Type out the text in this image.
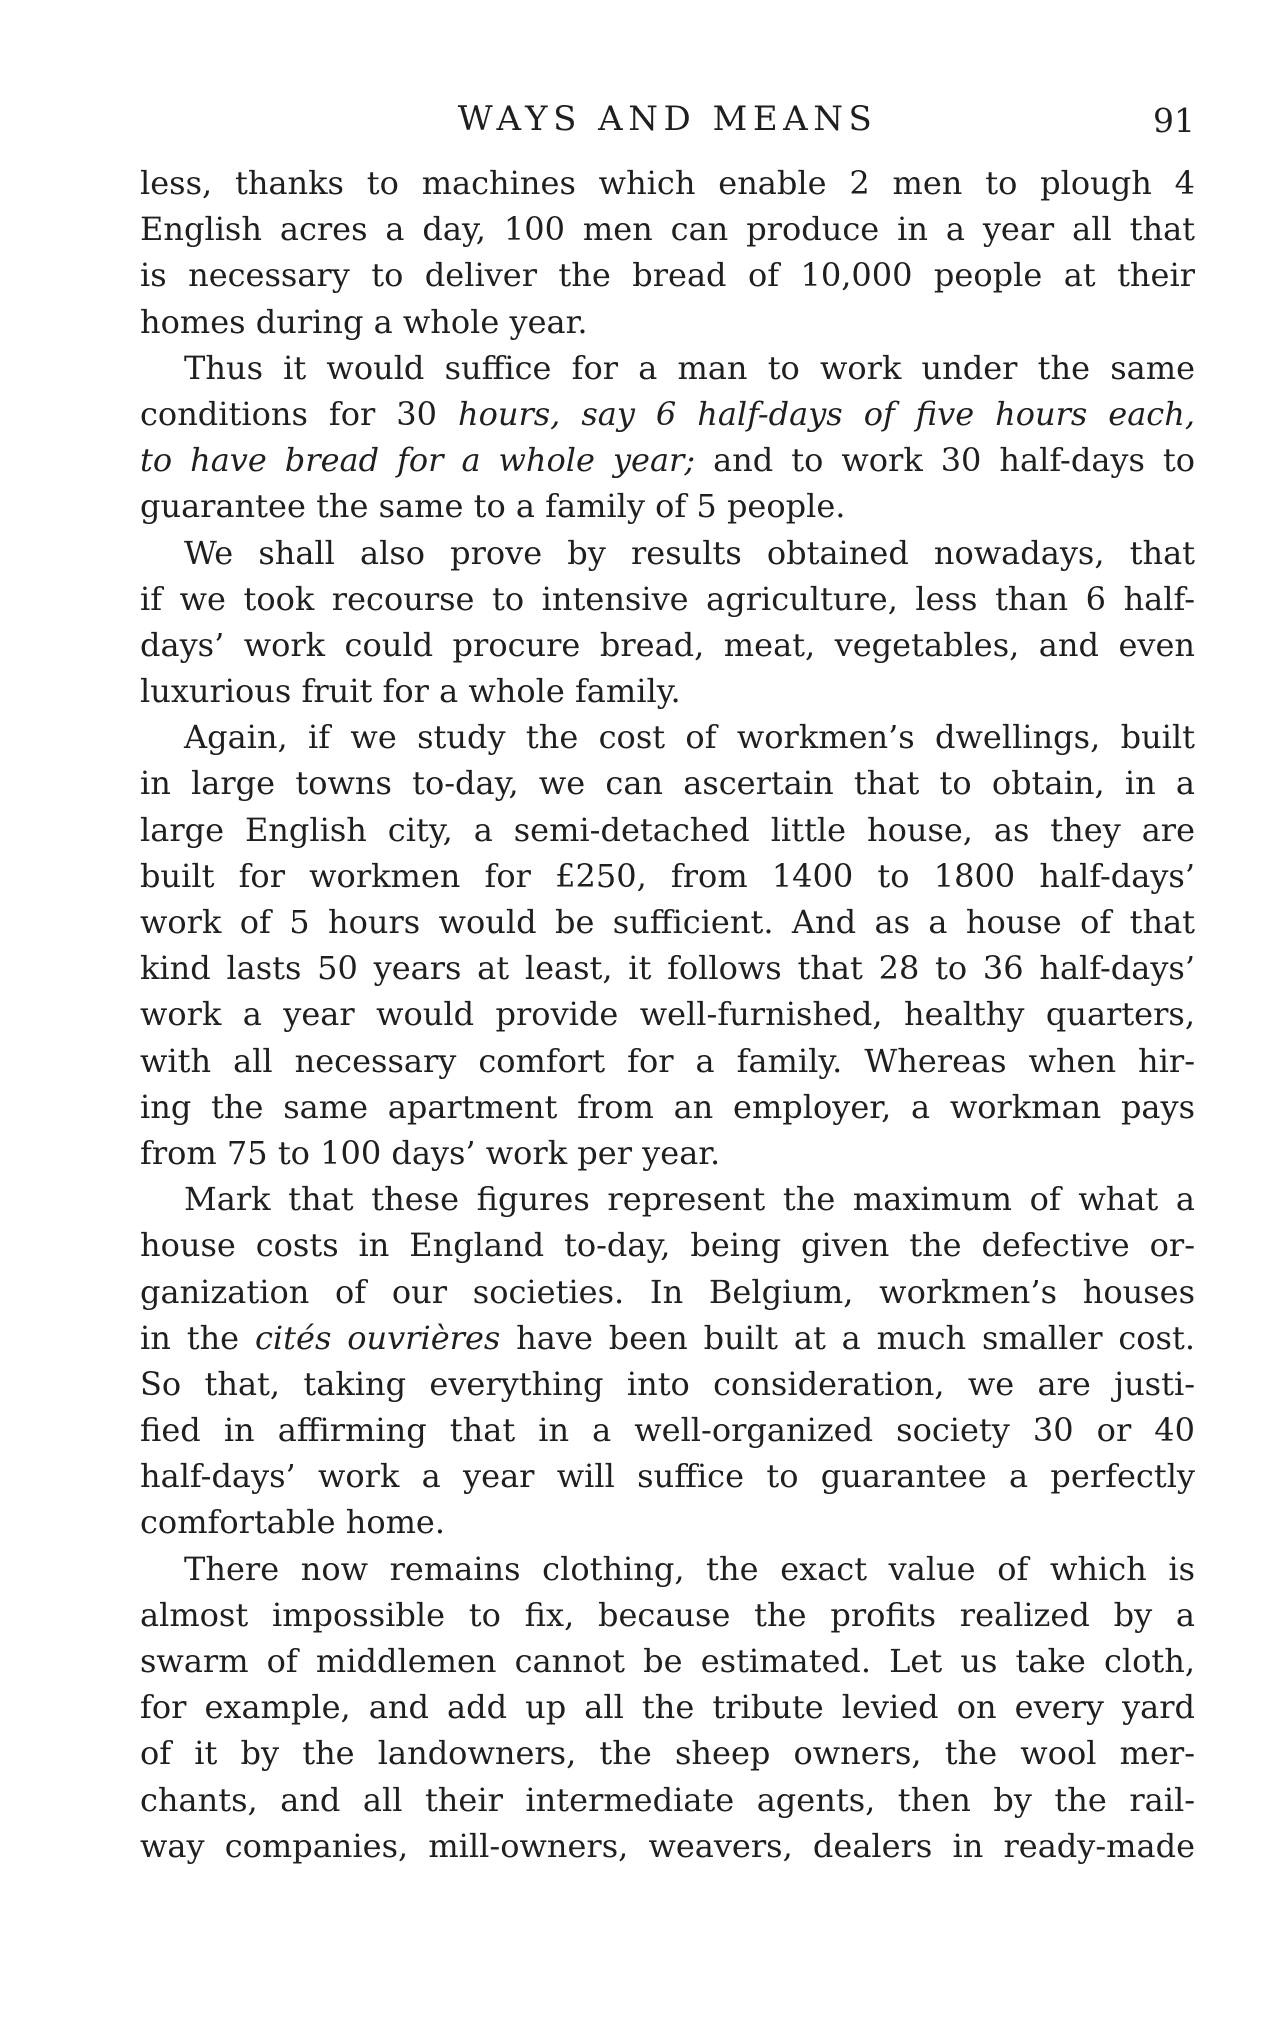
WAYS AND MEANS	91
less, thanks to machines which enable 2 men to plough 4
English acres a day, 100 men can produce in a year all that
is necessary to deliver the bread of 10,000 people at their
homes during a whole year.
Thus it would suffice for a man to work under the same
conditions for 30 hours, say 6 half-days of five hours each,
to have bread for a whole year; and to work 30 half-days to
guarantee the same to a family of 5 people.
We shall also prove by results obtained nowadays, that
if we took recourse to intensive agriculture, less than 6 half-
days’ work could procure bread, meat, vegetables, and even
luxurious fruit for a whole family.
Again, if we study the cost of workmen’s dwellings, built
in large towns to-day, we can ascertain that to obtain, in a
large English city, a semi-detached little house, as they are
built for workmen for £250, from 1400 to 1800 half-days’
work of 5 hours would be sufficient. And as a house of that
kind lasts 50 years at least, it follows that 28 to 36 half-days’
work a year would provide well-furnished, healthy quarters,
with all necessary comfort for a family. Whereas when hir-
ing the same apartment from an employer, a workman pays
from 75 to 100 days’ work per year.
Mark that these figures represent the maximum of what a
house costs in England to-day, being given the defective or-
ganization of our societies. In Belgium, workmen’s houses
in the cités ouvrières have been built at a much smaller cost.
So that, taking everything into consideration, we are justi-
fied in affirming that in a well-organized society 30 or 40
half-days’ work a year will suffice to guarantee a perfectly
comfortable home.
There now remains clothing, the exact value of which is
almost impossible to fix, because the profits realized by a
swarm of middlemen cannot be estimated. Let us take cloth,
for example, and add up all the tribute levied on every yard
of it by the landowners, the sheep owners, the wool mer-
chants, and all their intermediate agents, then by the rail-
way companies, mill-owners, weavers, dealers in ready-made
